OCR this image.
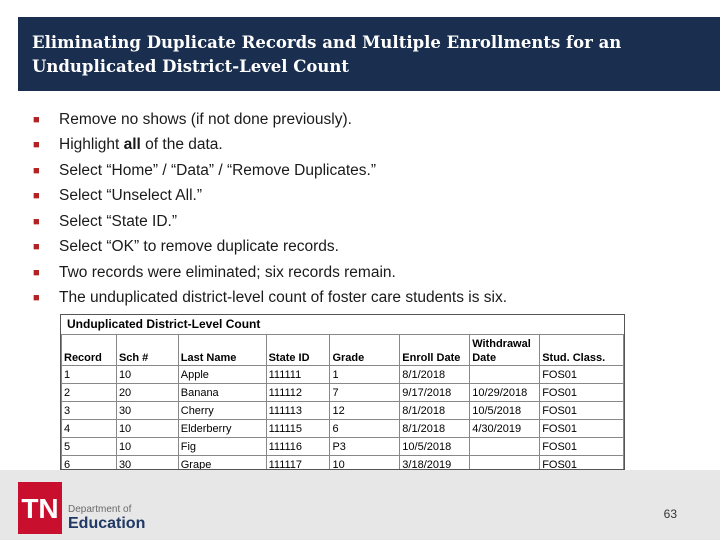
Eliminating Duplicate Records and Multiple Enrollments for an Unduplicated District-Level Count
■	Remove no shows (if not done previously).
■	Highlight all of the data.
■	Select “Home” / “Data” / “Remove Duplicates.”
■	Select “Unselect All.”
■	Select “State ID.”
■	Select “OK” to remove duplicate records.
■	Two records were eliminated; six records remain.
■	The unduplicated district-level count of foster care students is six.
Unduplicated District-Level Count
Record	Sch #	Last Name	State ID	Grade	Enroll Date	Withdrawal Date	Stud. Class.
1	10	Apple	111111	1	8/1/2018		FOS01
2	20	Banana	111112	7	9/17/2018	10/29/2018	FOS01
3	30	Cherry	111113	12	8/1/2018	10/5/2018	FOS01
4	10	Elderberry	111115	6	8/1/2018	4/30/2019	FOS01
5	10	Fig	111116	P3	10/5/2018		FOS01
6	30	Grape	111117	10	3/18/2019		FOS01
TN Department of
Education
63
